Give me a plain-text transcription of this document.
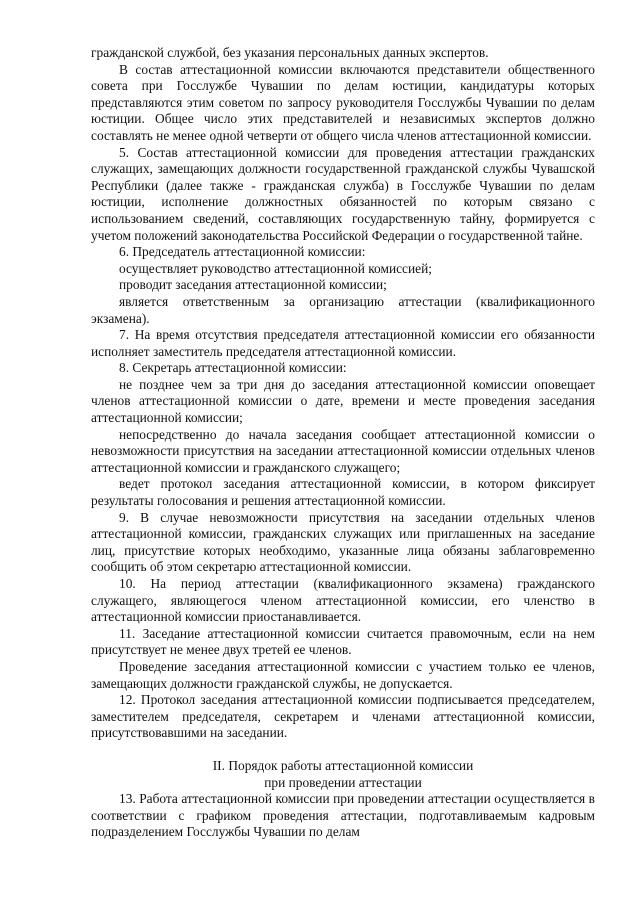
гражданской службой, без указания персональных данных экспертов.

В состав аттестационной комиссии включаются представители общественного совета при Госслужбе Чувашии по делам юстиции, кандидатуры которых представляются этим советом по запросу руководителя Госслужбы Чувашии по делам юстиции. Общее число этих представителей и независимых экспертов должно составлять не менее одной четверти от общего числа членов аттестационной комиссии.

5. Состав аттестационной комиссии для проведения аттестации гражданских служащих, замещающих должности государственной гражданской службы Чувашской Республики (далее также - гражданская служба) в Госслужбе Чувашии по делам юстиции, исполнение должностных обязанностей по которым связано с использованием сведений, составляющих государственную тайну, формируется с учетом положений законодательства Российской Федерации о государственной тайне.

6. Председатель аттестационной комиссии:

осуществляет руководство аттестационной комиссией;

проводит заседания аттестационной комиссии;

является ответственным за организацию аттестации (квалификационного экзамена).

7. На время отсутствия председателя аттестационной комиссии его обязанности исполняет заместитель председателя аттестационной комиссии.

8. Секретарь аттестационной комиссии:

не позднее чем за три дня до заседания аттестационной комиссии оповещает членов аттестационной комиссии о дате, времени и месте проведения заседания аттестационной комиссии;

непосредственно до начала заседания сообщает аттестационной комиссии о невозможности присутствия на заседании аттестационной комиссии отдельных членов аттестационной комиссии и гражданского служащего;

ведет протокол заседания аттестационной комиссии, в котором фиксирует результаты голосования и решения аттестационной комиссии.

9. В случае невозможности присутствия на заседании отдельных членов аттестационной комиссии, гражданских служащих или приглашенных на заседание лиц, присутствие которых необходимо, указанные лица обязаны заблаговременно сообщить об этом секретарю аттестационной комиссии.

10. На период аттестации (квалификационного экзамена) гражданского служащего, являющегося членом аттестационной комиссии, его членство в аттестационной комиссии приостанавливается.

11. Заседание аттестационной комиссии считается правомочным, если на нем присутствует не менее двух третей ее членов.

Проведение заседания аттестационной комиссии с участием только ее членов, замещающих должности гражданской службы, не допускается.

12. Протокол заседания аттестационной комиссии подписывается председателем, заместителем председателя, секретарем и членами аттестационной комиссии, присутствовавшими на заседании.

II. Порядок работы аттестационной комиссии

при проведении аттестации

13. Работа аттестационной комиссии при проведении аттестации осуществляется в соответствии с графиком проведения аттестации, подготавливаемым кадровым подразделением Госслужбы Чувашии по делам
